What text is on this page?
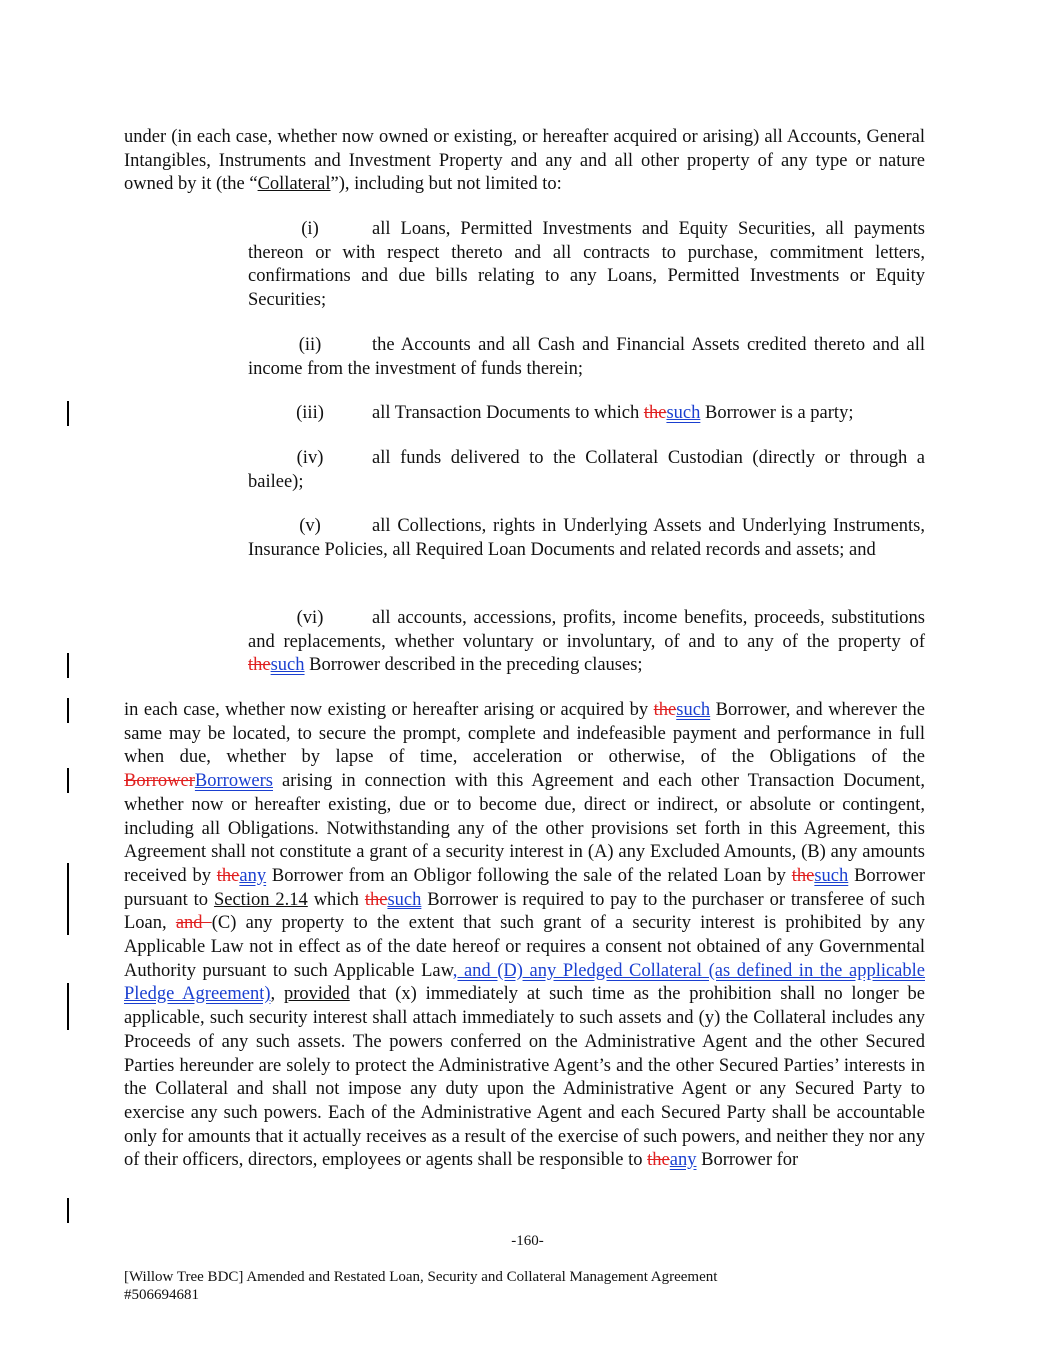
under (in each case, whether now owned or existing, or hereafter acquired or arising) all Accounts, General Intangibles, Instruments and Investment Property and any and all other property of any type or nature owned by it (the “Collateral”), including but not limited to:
(i)	all Loans, Permitted Investments and Equity Securities, all payments thereon or with respect thereto and all contracts to purchase, commitment letters, confirmations and due bills relating to any Loans, Permitted Investments or Equity Securities;
(ii)	the Accounts and all Cash and Financial Assets credited thereto and all income from the investment of funds therein;
(iii)	all Transaction Documents to which thesuch Borrower is a party;
(iv)	all funds delivered to the Collateral Custodian (directly or through a bailee);
(v)	all Collections, rights in Underlying Assets and Underlying Instruments, Insurance Policies, all Required Loan Documents and related records and assets; and
(vi)	all accounts, accessions, profits, income benefits, proceeds, substitutions and replacements, whether voluntary or involuntary, of and to any of the property of thesuch Borrower described in the preceding clauses;
in each case, whether now existing or hereafter arising or acquired by thesuch Borrower, and wherever the same may be located, to secure the prompt, complete and indefeasible payment and performance in full when due, whether by lapse of time, acceleration or otherwise, of the Obligations of the BorrowerBorrowers arising in connection with this Agreement and each other Transaction Document, whether now or hereafter existing, due or to become due, direct or indirect, or absolute or contingent, including all Obligations. Notwithstanding any of the other provisions set forth in this Agreement, this Agreement shall not constitute a grant of a security interest in (A) any Excluded Amounts, (B) any amounts received by theany Borrower from an Obligor following the sale of the related Loan by thesuch Borrower pursuant to Section 2.14 which thesuch Borrower is required to pay to the purchaser or transferee of such Loan, and (C) any property to the extent that such grant of a security interest is prohibited by any Applicable Law not in effect as of the date hereof or requires a consent not obtained of any Governmental Authority pursuant to such Applicable Law, and (D) any Pledged Collateral (as defined in the applicable Pledge Agreement), provided that (x) immediately at such time as the prohibition shall no longer be applicable, such security interest shall attach immediately to such assets and (y) the Collateral includes any Proceeds of any such assets. The powers conferred on the Administrative Agent and the other Secured Parties hereunder are solely to protect the Administrative Agent’s and the other Secured Parties’ interests in the Collateral and shall not impose any duty upon the Administrative Agent or any Secured Party to exercise any such powers. Each of the Administrative Agent and each Secured Party shall be accountable only for amounts that it actually receives as a result of the exercise of such powers, and neither they nor any of their officers, directors, employees or agents shall be responsible to theany Borrower for
-160-
[Willow Tree BDC] Amended and Restated Loan, Security and Collateral Management Agreement
#506694681
